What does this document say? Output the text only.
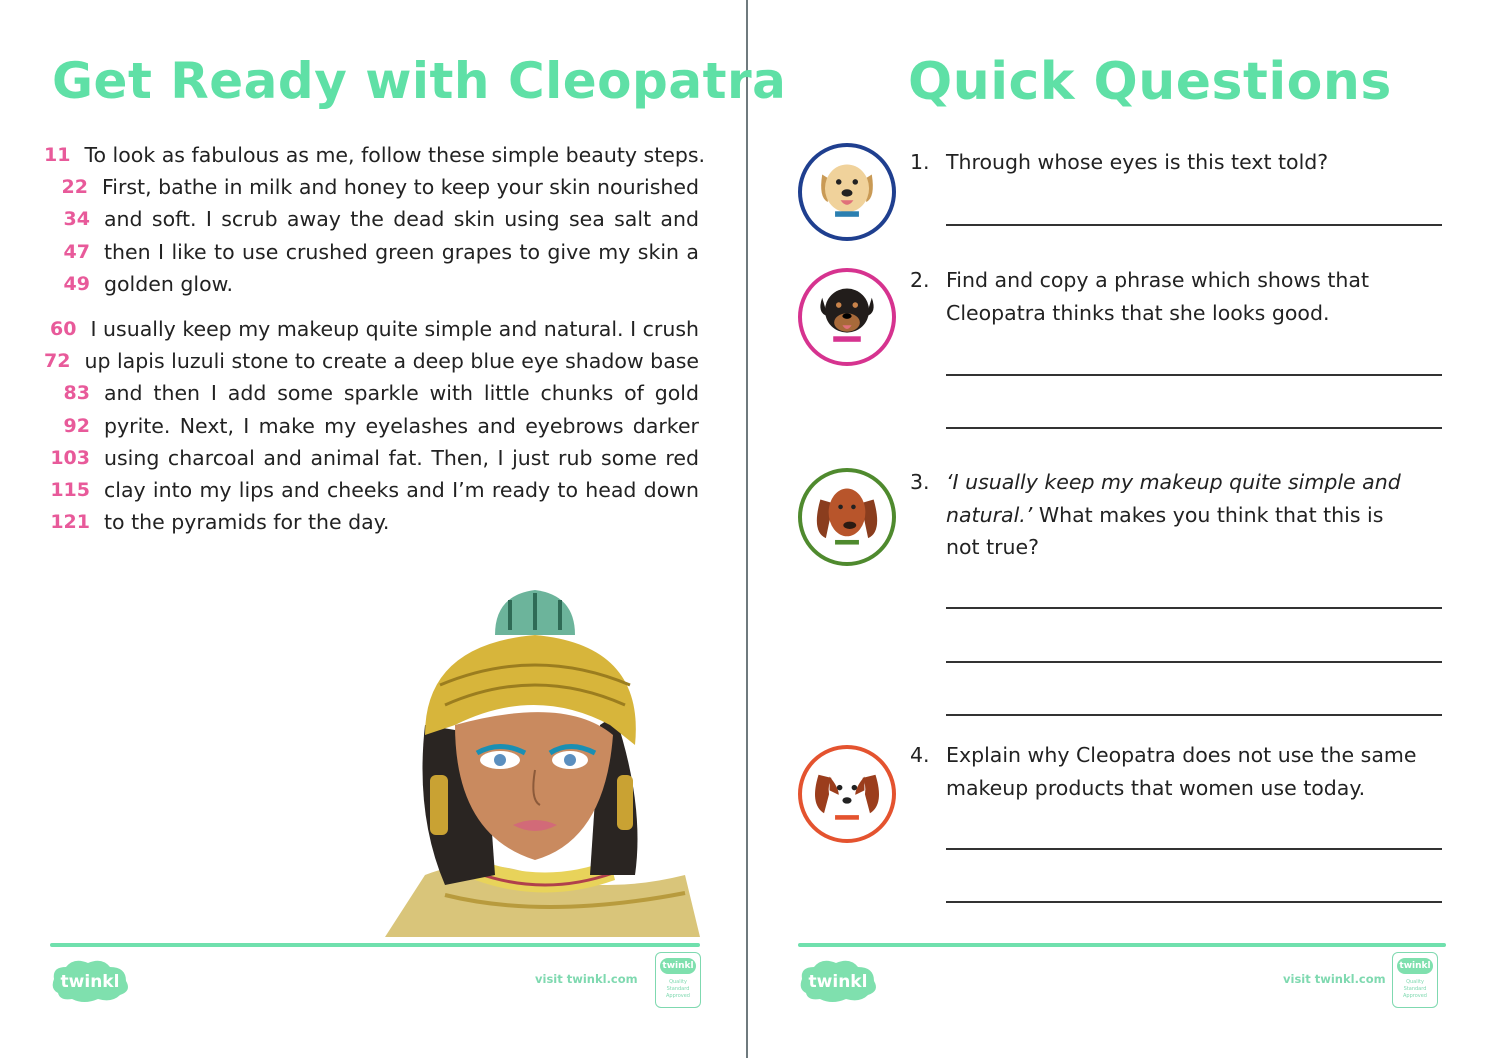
Get Ready with Cleopatra
twinkl	visit twinkl.com
twinkl
Quality Standard Approved
Quick Questions
1. Through whose eyes is this text told?
2. Find and copy a phrase which shows that Cleopatra thinks that she looks good.
3. ‘I usually keep my makeup quite simple and natural.’ What makes you think that this is not true?
4. Explain why Cleopatra does not use the same makeup products that women use today.
twinkl	visit twinkl.com
twinkl
Quality Standard Approved
11 To look as fabulous as me, follow these simple beauty steps.
22 First, bathe in milk and honey to keep your skin nourished
34 and soft. I scrub away the dead skin using sea salt and
47 then I like to use crushed green grapes to give my skin a
49 golden glow.
60 I usually keep my makeup quite simple and natural. I crush
72 up lapis luzuli stone to create a deep blue eye shadow base
83 and then I add some sparkle with little chunks of gold
92 pyrite. Next, I make my eyelashes and eyebrows darker
103 using charcoal and animal fat. Then, I just rub some red
115 clay into my lips and cheeks and I’m ready to head down
121 to the pyramids for the day.
